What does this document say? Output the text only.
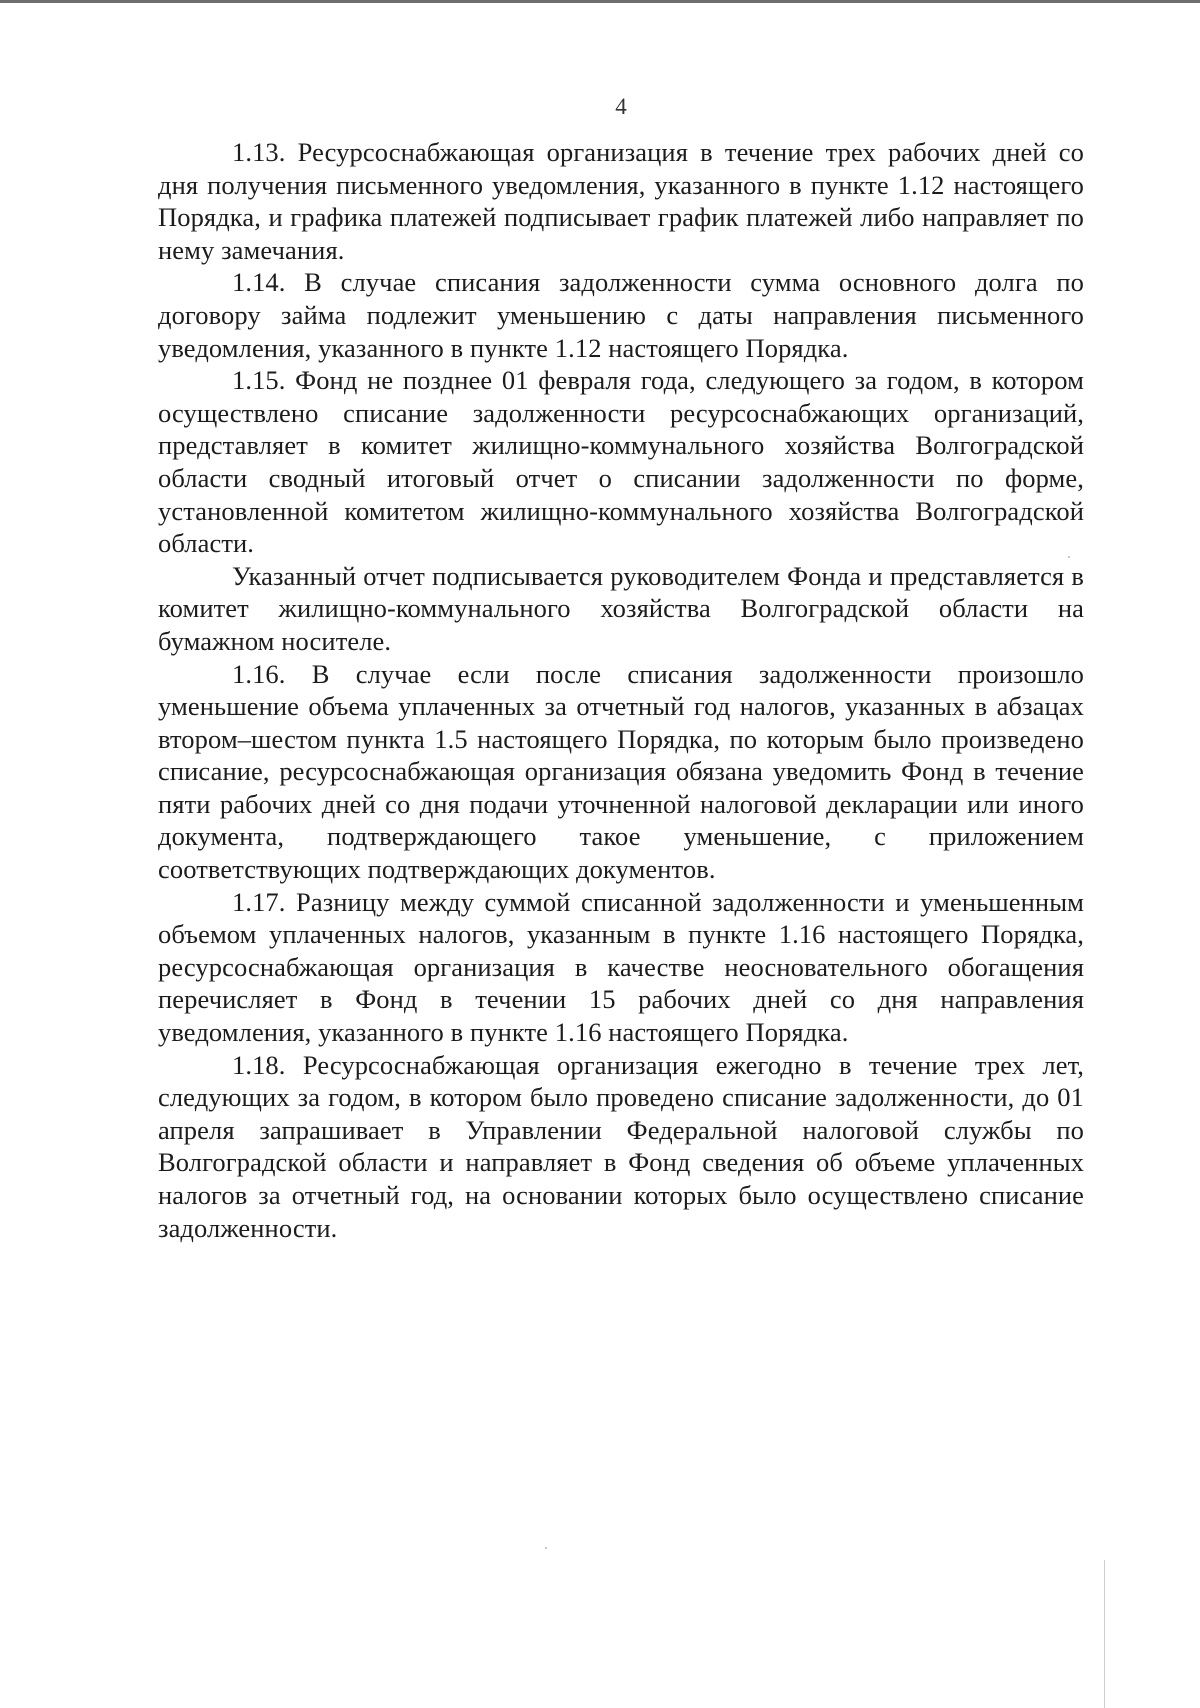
4

1.13. Ресурсоснабжающая организация в течение трех рабочих дней со дня получения письменного уведомления, указанного в пункте 1.12 настоящего Порядка, и графика платежей подписывает график платежей либо направляет по нему замечания.

1.14. В случае списания задолженности сумма основного долга по договору займа подлежит уменьшению с даты направления письменного уведомления, указанного в пункте 1.12 настоящего Порядка.

1.15. Фонд не позднее 01 февраля года, следующего за годом, в котором осуществлено списание задолженности ресурсоснабжающих организаций, представляет в комитет жилищно-коммунального хозяйства Волгоградской области сводный итоговый отчет о списании задолженности по форме, установленной комитетом жилищно-коммунального хозяйства Волгоградской области.

Указанный отчет подписывается руководителем Фонда и представляется в комитет жилищно-коммунального хозяйства Волгоградской области на бумажном носителе.

1.16. В случае если после списания задолженности произошло уменьшение объема уплаченных за отчетный год налогов, указанных в абзацах втором–шестом пункта 1.5 настоящего Порядка, по которым было произведено списание, ресурсоснабжающая организация обязана уведомить Фонд в течение пяти рабочих дней со дня подачи уточненной налоговой декларации или иного документа, подтверждающего такое уменьшение, с приложением соответствующих подтверждающих документов.

1.17. Разницу между суммой списанной задолженности и уменьшенным объемом уплаченных налогов, указанным в пункте 1.16 настоящего Порядка, ресурсоснабжающая организация в качестве неосновательного обогащения перечисляет в Фонд в течении 15 рабочих дней со дня направления уведомления, указанного в пункте 1.16 настоящего Порядка.

1.18. Ресурсоснабжающая организация ежегодно в течение трех лет, следующих за годом, в котором было проведено списание задолженности, до 01 апреля запрашивает в Управлении Федеральной налоговой службы по Волгоградской области и направляет в Фонд сведения об объеме уплаченных налогов за отчетный год, на основании которых было осуществлено списание задолженности.
